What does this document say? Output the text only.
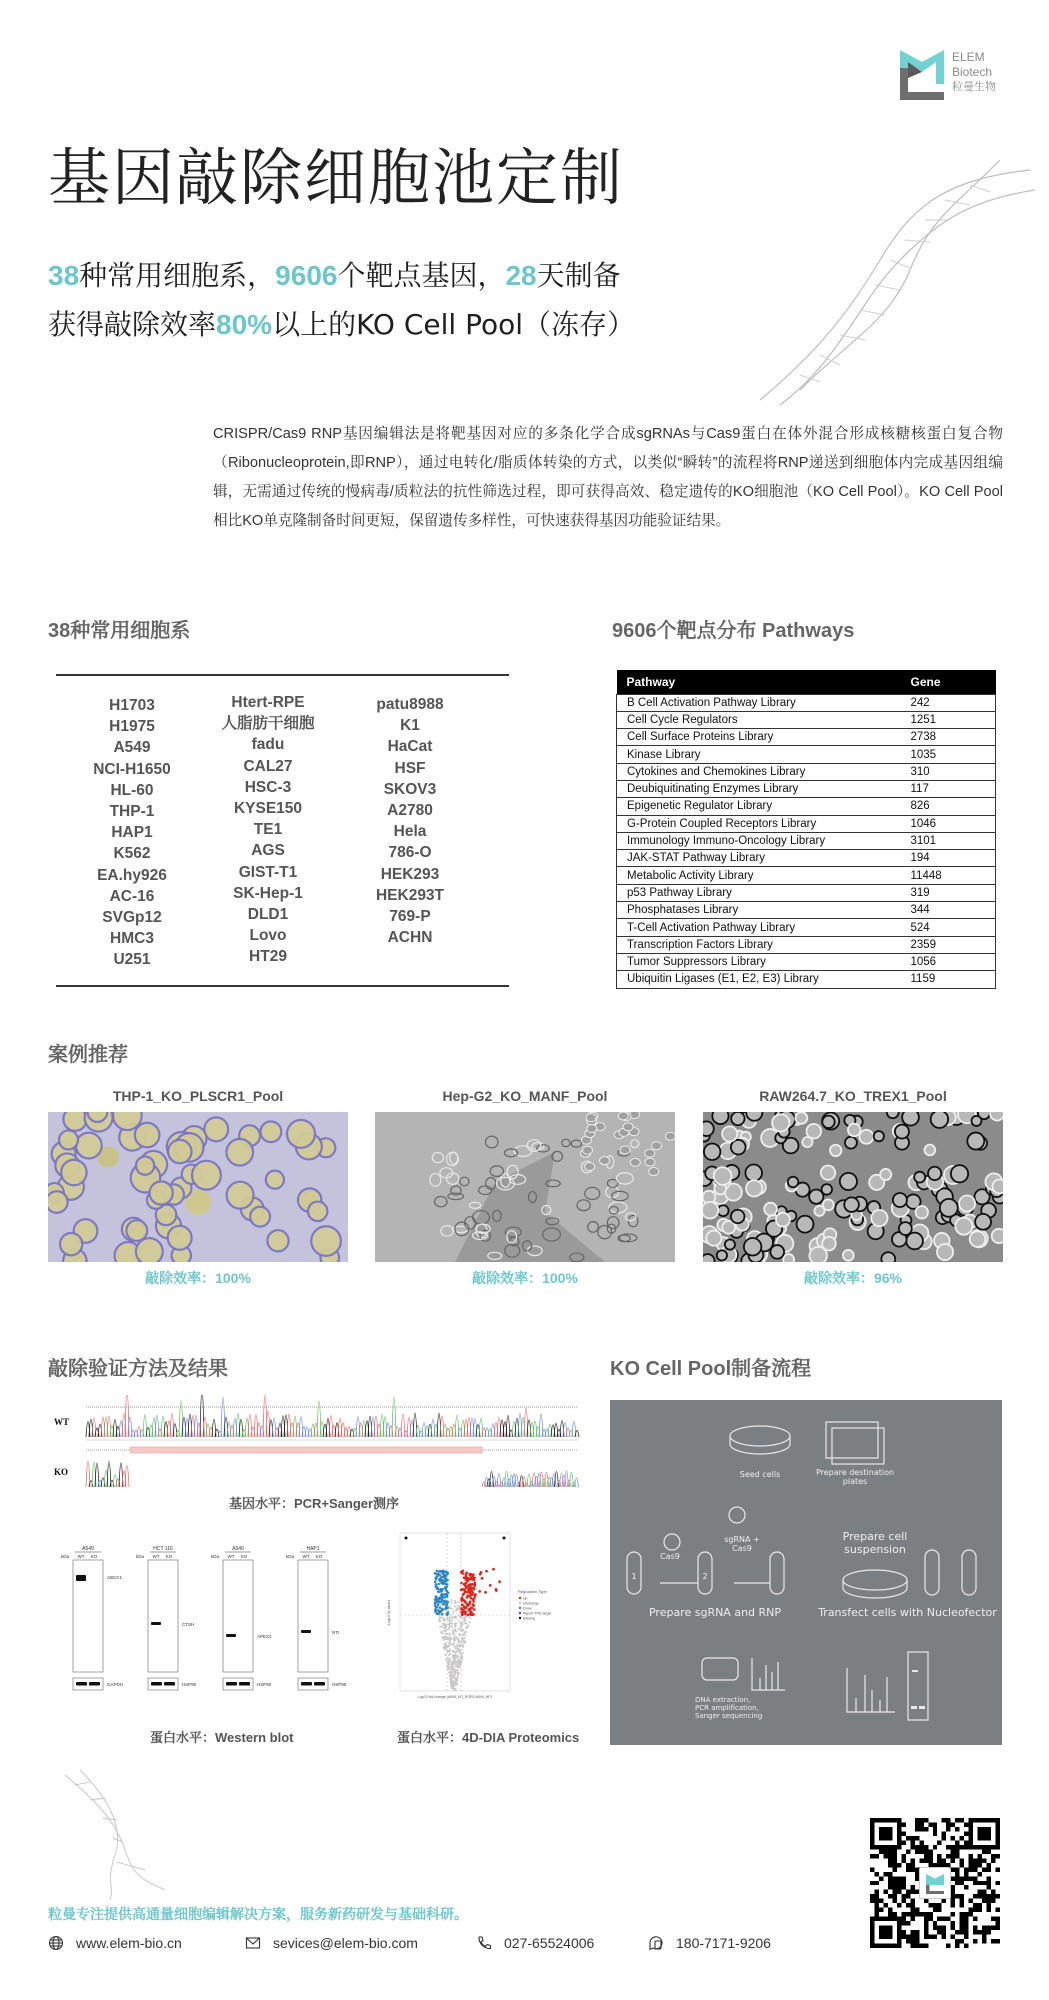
ELEM
Biotech
粒曼生物
基因敲除细胞池定制
38种常用细胞系，9606个靶点基因，28天制备
获得敲除效率80%以上的KO Cell Pool（冻存）

CRISPR/Cas9 RNP基因编辑法是将靶基因对应的多条化学合成sgRNAs与Cas9蛋白在体外混合形成核糖核蛋白复合物（Ribonucleoprotein,即RNP），通过电转化/脂质体转染的方式，以类似“瞬转”的流程将RNP递送到细胞体内完成基因组编辑，无需通过传统的慢病毒/质粒法的抗性筛选过程，即可获得高效、稳定遗传的KO细胞池（KO Cell Pool）。KO Cell Pool相比KO单克隆制备时间更短，保留遗传多样性，可快速获得基因功能验证结果。

38种常用细胞系
H1703
H1975
A549
NCI-H1650
HL-60
THP-1
HAP1
K562
EA.hy926
AC-16
SVGp12
HMC3
U251
Htert-RPE
人脂肪干细胞
fadu
CAL27
HSC-3
KYSE150
TE1
AGS
GIST-T1
SK-Hep-1
DLD1
Lovo
HT29
patu8988
K1
HaCat
HSF
SKOV3
A2780
Hela
786-O
HEK293
HEK293T
769-P
ACHN
9606个靶点分布 Pathways
Pathway	Gene
B Cell Activation Pathway Library	242
Cell Cycle Regulators	1251
Cell Surface Proteins Library	2738
Kinase Library	1035
Cytokines and Chemokines Library	310
Deubiquitinating Enzymes Library	117
Epigenetic Regulator Library	826
G-Protein Coupled Receptors Library	1046
Immunology Immuno-Oncology Library	3101
JAK-STAT Pathway Library	194
Metabolic Activity Library	11448
p53 Pathway Library	319
Phosphatases Library	344
T-Cell Activation Pathway Library	524
Transcription Factors Library	2359
Tumor Suppressors Library	1056
Ubiquitin Ligases (E1, E2, E3) Library	1159
案例推荐
THP-1_KO_PLSCR1_Pool
敲除效率：100%
Hep-G2_KO_MANF_Pool
敲除效率：100%
RAW264.7_KO_TREX1_Pool
敲除效率：96%
敲除验证方法及结果
WT
KO
基因水平：PCR+Sanger测序
A549
WT KO
kDa
ABCC1
GAPDH
HCT 116
WT KO
kDa
CTSH
HSP90
A549
WT KO
kDa
APEX1
HSP90
HAP1
WT KO
kDa
NTI
HSP90
Log2 Fold change (A549_KO_ROR1/A549_WT)
-Log10 (Q value)
Regulation Type
Up
Unchange
Down
Report TPD target
Missing
蛋白水平：Western blot	蛋白水平：4D-DIA Proteomics
KO Cell Pool制备流程
Seed cells	Prepare destination plates
Cas9
sgRNA + Cas9
1	2
Prepare cell suspension
Prepare sgRNA and RNP	Transfect cells with Nucleofector
DNA extraction, PCR amplification, Sanger sequencing
粒曼专注提供高通量细胞编辑解决方案，服务新药研发与基础科研。
www.elem-bio.cn	sevices@elem-bio.com	027-65524006	180-7171-9206
